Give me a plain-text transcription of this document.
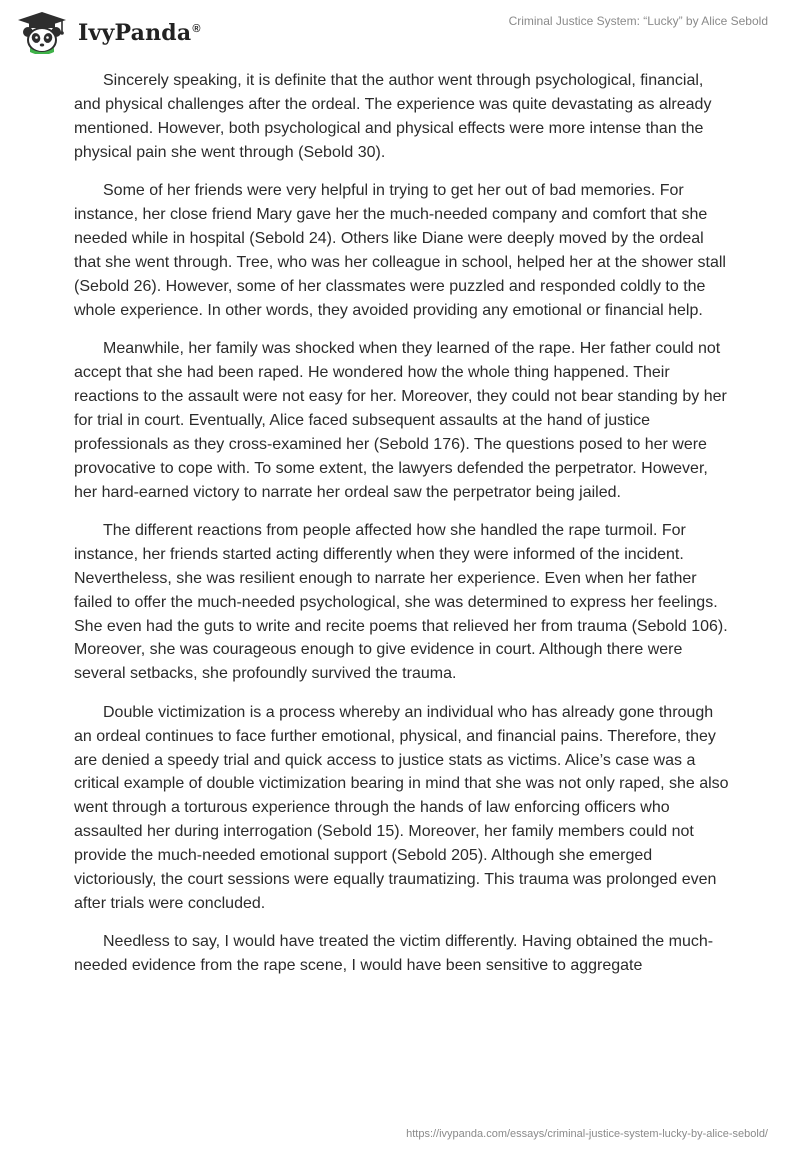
IvyPanda®
Criminal Justice System: “Lucky” by Alice Sebold

Sincerely speaking, it is definite that the author went through psychological, financial, and physical challenges after the ordeal. The experience was quite devastating as already mentioned. However, both psychological and physical effects were more intense than the physical pain she went through (Sebold 30).

Some of her friends were very helpful in trying to get her out of bad memories. For instance, her close friend Mary gave her the much-needed company and comfort that she needed while in hospital (Sebold 24). Others like Diane were deeply moved by the ordeal that she went through. Tree, who was her colleague in school, helped her at the shower stall (Sebold 26). However, some of her classmates were puzzled and responded coldly to the whole experience. In other words, they avoided providing any emotional or financial help.

Meanwhile, her family was shocked when they learned of the rape. Her father could not accept that she had been raped. He wondered how the whole thing happened. Their reactions to the assault were not easy for her. Moreover, they could not bear standing by her for trial in court. Eventually, Alice faced subsequent assaults at the hand of justice professionals as they cross-examined her (Sebold 176). The questions posed to her were provocative to cope with. To some extent, the lawyers defended the perpetrator. However, her hard-earned victory to narrate her ordeal saw the perpetrator being jailed.

The different reactions from people affected how she handled the rape turmoil. For instance, her friends started acting differently when they were informed of the incident. Nevertheless, she was resilient enough to narrate her experience. Even when her father failed to offer the much-needed psychological, she was determined to express her feelings. She even had the guts to write and recite poems that relieved her from trauma (Sebold 106). Moreover, she was courageous enough to give evidence in court. Although there were several setbacks, she profoundly survived the trauma.

Double victimization is a process whereby an individual who has already gone through an ordeal continues to face further emotional, physical, and financial pains. Therefore, they are denied a speedy trial and quick access to justice stats as victims. Alice’s case was a critical example of double victimization bearing in mind that she was not only raped, she also went through a torturous experience through the hands of law enforcing officers who assaulted her during interrogation (Sebold 15). Moreover, her family members could not provide the much-needed emotional support (Sebold 205). Although she emerged victoriously, the court sessions were equally traumatizing. This trauma was prolonged even after trials were concluded.

Needless to say, I would have treated the victim differently. Having obtained the much-needed evidence from the rape scene, I would have been sensitive to aggregate

https://ivypanda.com/essays/criminal-justice-system-lucky-by-alice-sebold/
